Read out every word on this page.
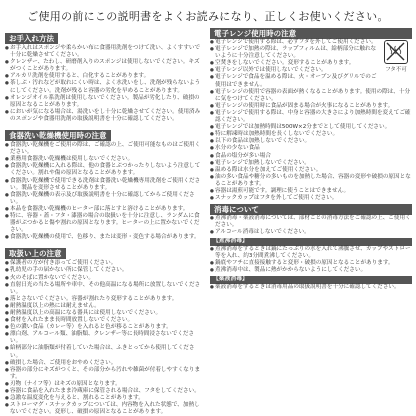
ご使用の前にこの説明書をよくお読みになり、正しくお使いください。
お手入れ方法
● お手入れはスポンジや柔らかい布に食器用洗剤をつけて洗い、よくすすいで十分に乾燥させてください。
● クレンザー、たわし、研磨剤入りのスポンジは使用しないでください。キズがつくことがあります。
● アルカリ洗剤を使用すると、白化することがあります。
● 茶しぶ・汚れなどが取れにくい時は、よく水洗いをし、洗剤が残らないようにしてください。洗剤が残ると容器の劣化を早めることがあります。
● オレンジオイル系洗剤は使用しないでください。製品が劣化したり、破損の原因となることがあります。
● においが気になる場合は、湯洗いをし十分に乾燥させてください。使用済みのスポンジや食器用洗剤の取扱説明書を十分に確認してください。
食器洗い乾燥機使用時の注意
● 食器洗い乾燥機をご使用の際は、ご確認の上、ご使用可能なものはご使用ください。
● 業務用食器洗い乾燥機は使用しないでください。
● 食器洗い乾燥機に入れる際は、他の食器とぶつかったりしないよう注意してください。割れや傷の原因となることがあります。
● 食器洗い乾燥機で使用できる洗剤は食器洗い乾燥機専用洗剤をご使用ください。製品を変形させることがあります。
● 食器洗い乾燥機の表示及び取扱説明書を十分に確認してからご使用ください。
● 本品を食器洗い乾燥機のヒーター部に落とすと溶けることがあります。
● 特に、容器・蓋・フタ・漆器の場合の取扱いを十分に注意し、ランダムに食器がぶつかると傷や割れの原因となります。ヒーターの上に置かないでください。
● 食器洗い乾燥機の使用で、色移り、または変形・変色する場合があります。
取扱い上の注意
● 保護者の方が付き添ってご使用ください。
● 乳幼児の手の届かない所に保管してください。
● 火のそばに置かないでください。
● 直射日光の当たる場所や車中、その他高温になる場所に放置しないでください。
● 落とさないでください。容器が割れたり変形することがあります。
● 耐熱温度以上の熱には耐えません。
● 耐熱温度以上の高温になる器具には使用しないでください。
● 食材を入れたまま長時間放置しないでください。
● 色の濃い食品（カレー等）を入れると色が移ることがあります。
● 漂白剤、アルコール類、油脂類、クレンザー等に長時間浸さないでください。
● 給柄部分に油脂類が付着していた場合は、ふきとってから使用してください。
● 破損した場合、ご使用をおやめください。
● 容器の部分にキズがつくと、その部分から汚れや雑菌が付着しやすくなります。
● 刃物（ナイフ等）はキズの原因となります。
● 容器に食品を入れたまま冷蔵庫に保管される場合は、フタをしてください。
● 急激な温度変化を与えると、割れることがあります。
● ストローマグ・スナックカップについては、内容物を入れた状態で、加熱しないでください。変形し、破損の原因となることがあります。
電子レンジ使用時の注意
フタ不可
● 電子レンジで使用する際は、必ずフタを外してご使用ください。
● 電子レンジで加熱の際は、ラップフィルムは、給柄部分に触れないように十分注意してください。
● 空焚きをしないでください。変形することがあります。
● 電子レンジ以外では使用しないでください。
● 電子レンジで食品を温める際は、火・オーブン及びグリルでのご使用はできません。
● 電子レンジの使用で容器の表面が熱くなることがあります。使用の際は、十分に気をつけてください。
● 電子レンジの使用時に食品が固まる場合が火事になることがあります。
● 電子レンジで使用する際は、中身と容器の大きさにより加熱時間を変えてご確認ください。
● 電子レンジでは加熱時間は500W×2分までとして使用してください。
● 特に解凍時は加熱時間を長くしないでください。
● 以下の食品は加熱しないでください。
● 水分の少ない食品
● 食品の塩分が多い場合
● 電子レンジで加熱しないでください。
● 温める際は水分を加えてご使用ください。
● 油の多い食品や糖分の多いものを加熱した場合、容器の変形や破損の原因となることがあります。
● 容器は湯煎可能です。調理に使うことはできません。
● スナックカップはフタを外してご使用ください。
消毒について
● 煮沸消毒・薬液消毒については、部材ごとの消毒方法をご確認の上、ご使用ください。
● アルコール消毒はしないでください。
【煮沸消毒】
● 煮沸消毒をするときは鍋にたっぷりの水を入れて沸騰させ、カップやストロー等を入れ、約3分間煮沸してください。
● 鍋底やフチに直接接触すると変形・破損の原因となることがあります。
● 煮沸消毒中は、製品に熱がかからないようにしてください。
【薬液消毒】
● 薬液消毒をするときは消毒用品の取扱説明書を十分に確認してください。
